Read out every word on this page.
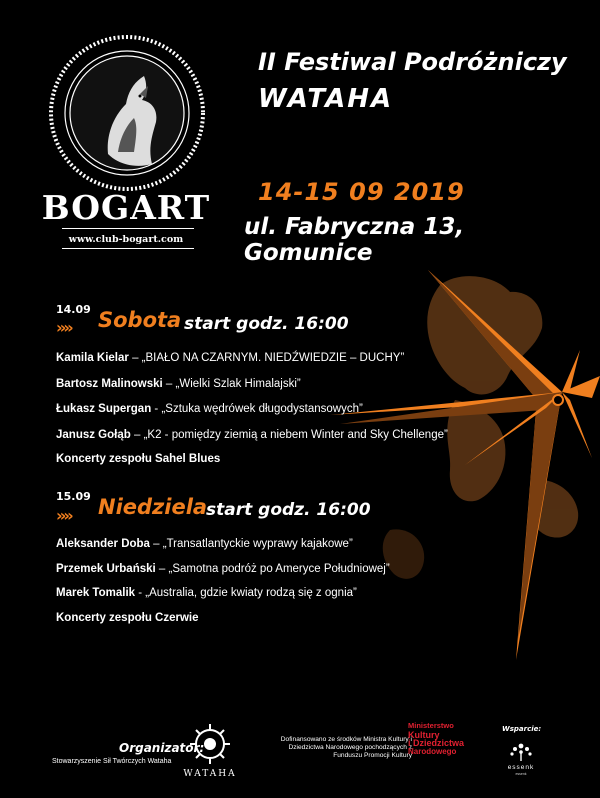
BOGART
www.club-bogart.com
II Festiwal Podróżniczy
WATAHA
14-15 09 2019
ul. Fabryczna 13, Gomunice
14.09
»» Sobota start godz. 16:00
Kamila Kielar – „BIAŁO NA CZARNYM. NIEDŹWIEDZIE – DUCHY”
Bartosz Malinowski – „Wielki Szlak Himalajski”
Łukasz Supergan - „Sztuka wędrówek długodystansowych”
Janusz Gołąb – „K2 - pomiędzy ziemią a niebem Winter and Sky Chellenge”
Koncerty zespołu Sahel Blues
15.09
»» Niedziela
start godz. 16:00
Aleksander Doba – „Transatlantyckie wyprawy kajakowe”
Przemek Urbański – „Samotna podróż po Ameryce Południowej”
Marek Tomalik - „Australia, gdzie kwiaty rodzą się z ognia”
Koncerty zespołu Czerwie
Organizator:
Stowarzyszenie Sił Twórczych Wataha
WATAHA
Dofinansowano ze środków Ministra Kultury i Dziedzictwa Narodowego pochodzących z Funduszu Promocji Kultury
Ministerstwo
Kultury
i Dziedzictwa
Narodowego
Wsparcie:
essenk
essenk
